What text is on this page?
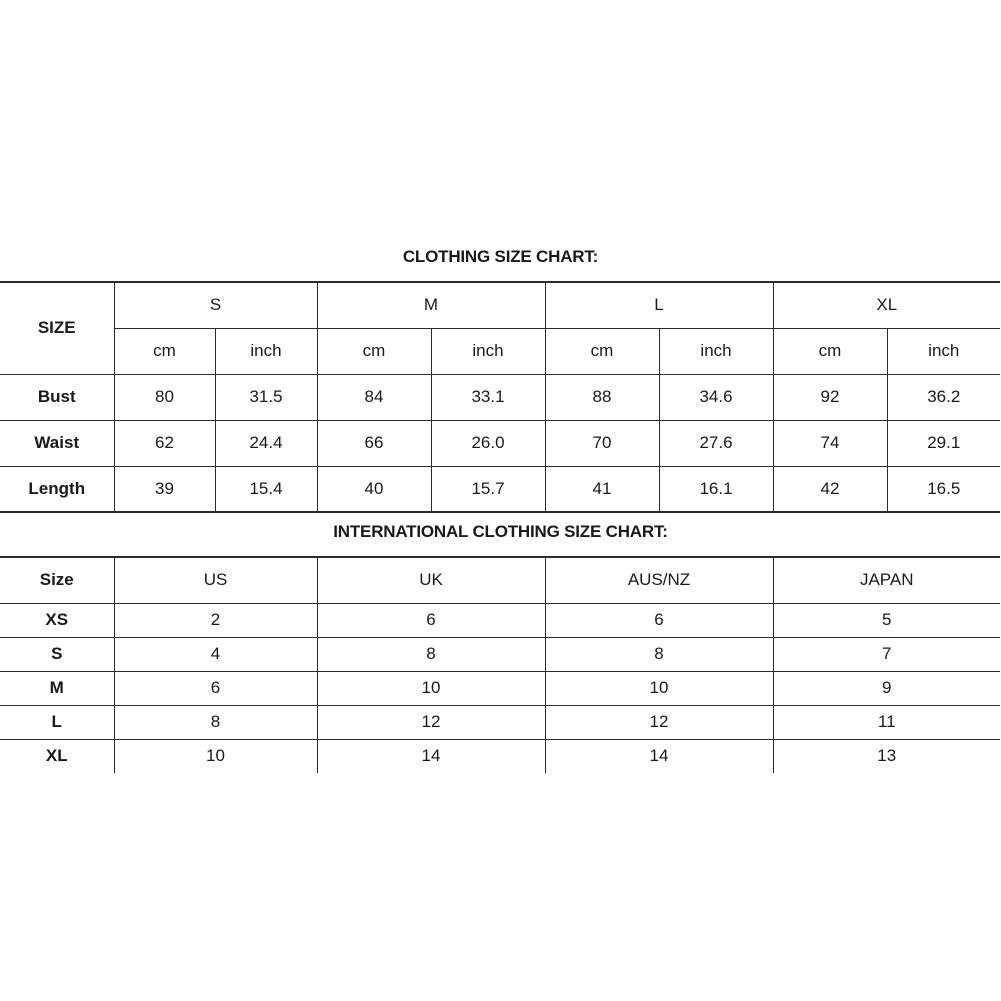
CLOTHING SIZE CHART:
SIZE	S		M		L		XL	
	cm	inch	cm	inch	cm	inch	cm	inch
Bust	80	31.5	84	33.1	88	34.6	92	36.2
Waist	62	24.4	66	26.0	70	27.6	74	29.1
Length	39	15.4	40	15.7	41	16.1	42	16.5
INTERNATIONAL CLOTHING SIZE CHART:
Size	US	UK	AUS/NZ	JAPAN
XS	2	6	6	5
S	4	8	8	7
M	6	10	10	9
L	8	12	12	11
XL	10	14	14	13
